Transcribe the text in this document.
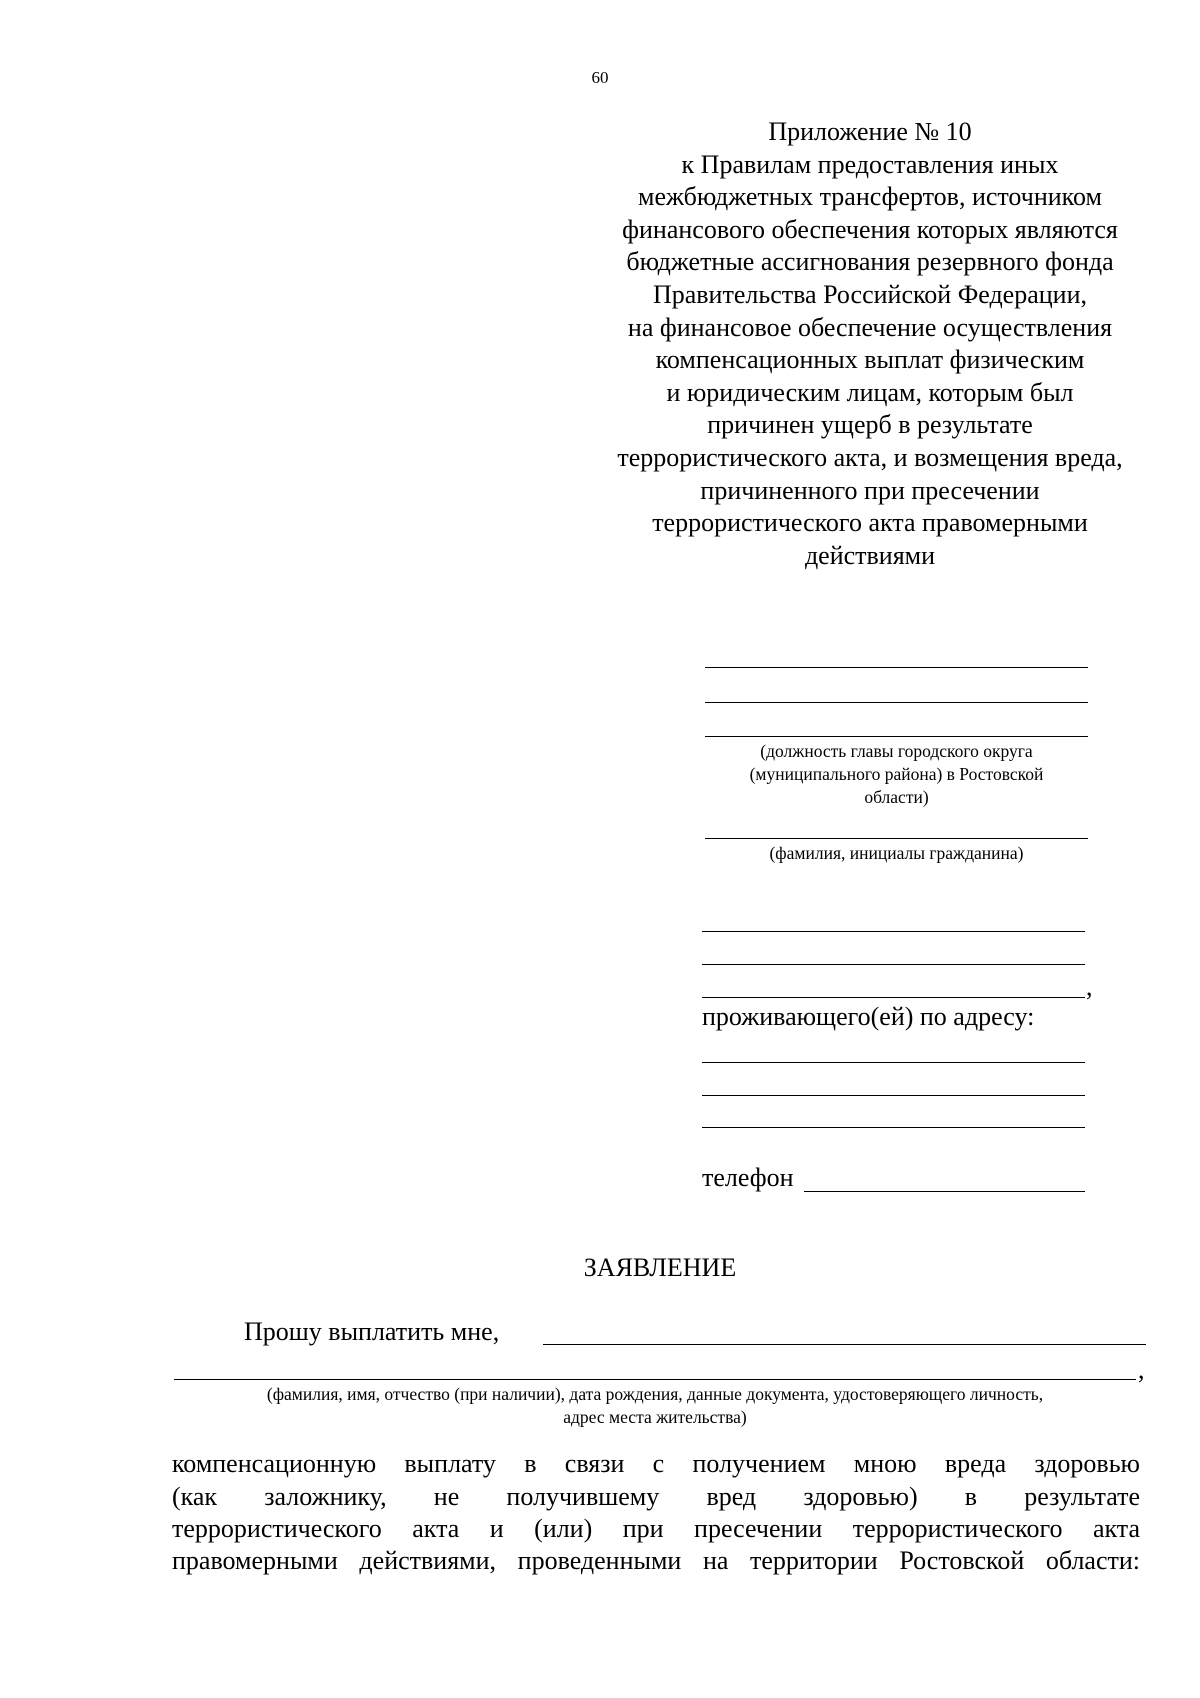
60
Приложение № 10
к Правилам предоставления иных
межбюджетных трансфертов, источником
финансового обеспечения которых являются
бюджетные ассигнования резервного фонда
Правительства Российской Федерации,
на финансовое обеспечение осуществления
компенсационных выплат физическим
и юридическим лицам, которым был
причинен ущерб в результате
террористического акта, и возмещения вреда,
причиненного при пресечении
террористического акта правомерными
действиями
(должность главы городского округа
(муниципального района) в Ростовской
области)
(фамилия, инициалы гражданина)
,
проживающего(ей) по адресу:
телефон
ЗАЯВЛЕНИЕ
Прошу выплатить мне,
,
(фамилия, имя, отчество (при наличии), дата рождения, данные документа, удостоверяющего личность,
адрес места жительства)
компенсационную выплату в связи с получением мною вреда здоровью
(как заложнику, не получившему вред здоровью) в результате
террористического акта и (или) при пресечении террористического акта
правомерными действиями, проведенными на территории Ростовской области:
